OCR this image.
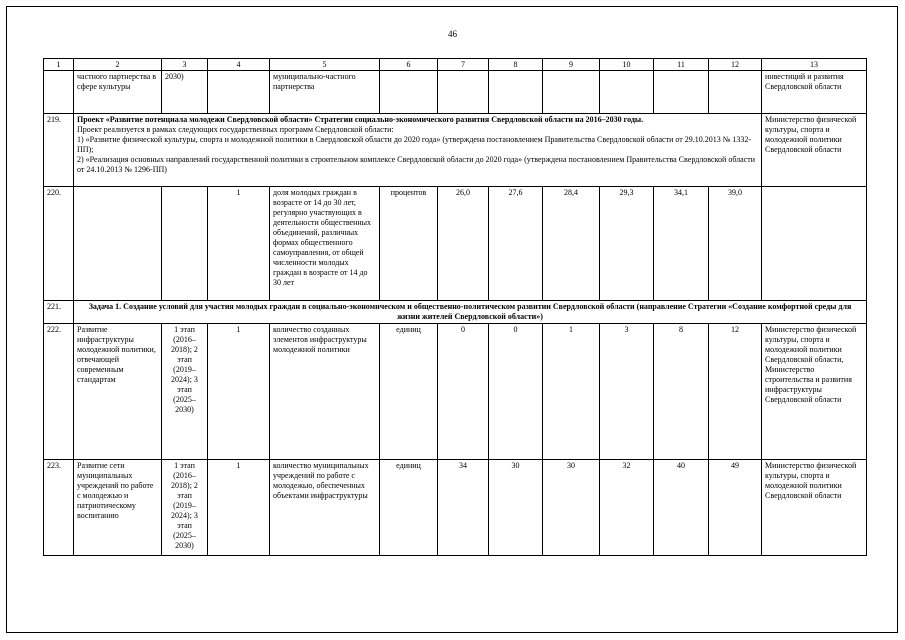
46
1	2	3	4	5	6	7	8	9	10	11	12	13
	частного партнерства в сфере культуры	2030)		муниципально-частного партнерства								инвестиций и развития Свердловской области
219.	Проект «Развитие потенциала молодежи Свердловской области» Стратегии социально-экономического развития Свердловской области на 2016–2030 годы.
Проект реализуется в рамках следующих государственных программ Свердловской области:
1) «Развитие физической культуры, спорта и молодежной политики в Свердловской области до 2020 года» (утверждена постановлением Правительства Свердловской области от 29.10.2013 № 1332-ПП);
2) «Реализация основных направлений государственной политики в строительном комплексе Свердловской области до 2020 года» (утверждена постановлением Правительства Свердловской области от 24.10.2013 № 1296-ПП)											Министерство физической культуры, спорта и молодежной политики Свердловской области
220.			1	доля молодых граждан в возрасте от 14 до 30 лет, регулярно участвующих в деятельности общественных объединений, различных формах общественного самоуправления, от общей численности молодых граждан в возрасте от 14 до 30 лет	процентов	26,0	27,6	28,4	29,3	34,1	39,0	
221.	Задача 1. Создание условий для участия молодых граждан в социально-экономическом и общественно-политическом развитии Свердловской области (направление Стратегии «Создание комфортной среды для жизни жителей Свердловской области»)											
222.	Развитие инфраструктуры молодежной политики, отвечающей современным стандартам	1 этап (2016–2018); 2 этап (2019–2024); 3 этап (2025–2030)	1	количество созданных элементов инфраструктуры молодежной политики	единиц	0	0	1	3	8	12	Министерство физической культуры, спорта и молодежной политики Свердловской области, Министерство строительства и развития инфраструктуры Свердловской области
223.	Развитие сети муниципальных учреждений по работе с молодежью и патриотическому воспитанию	1 этап (2016–2018); 2 этап (2019–2024); 3 этап (2025–2030)	1	количество муниципальных учреждений по работе с молодежью, обеспеченных объектами инфраструктуры	единиц	34	30	30	32	40	49	Министерство физической культуры, спорта и молодежной политики Свердловской области
